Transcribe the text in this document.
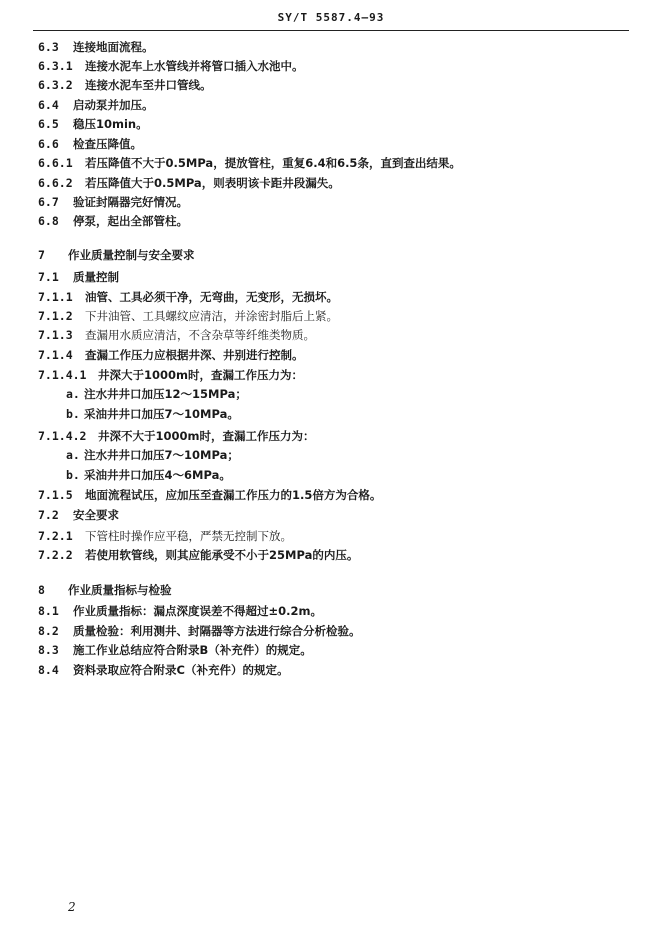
SY/T 5587.4—93
6.3 连接地面流程。
6.3.1 连接水泥车上水管线并将管口插入水池中。
6.3.2 连接水泥车至井口管线。
6.4 启动泵并加压。
6.5 稳压10min。
6.6 检查压降值。
6.6.1 若压降值不大于0.5MPa，提放管柱，重复6.4和6.5条，直到查出结果。
6.6.2 若压降值大于0.5MPa，则表明该卡距井段漏失。
6.7 验证封隔器完好情况。
6.8 停泵，起出全部管柱。
7 作业质量控制与安全要求
7.1 质量控制
7.1.1 油管、工具必须干净，无弯曲，无变形，无损坏。
7.1.2 下井油管、工具螺纹应清洁，并涂密封脂后上紧。
7.1.3 查漏用水质应清洁，不含杂草等纤维类物质。
7.1.4 查漏工作压力应根据井深、井别进行控制。
7.1.4.1 井深大于1000m时，查漏工作压力为：
a. 注水井井口加压12～15MPa；
b. 采油井井口加压7～10MPa。
7.1.4.2 井深不大于1000m时，查漏工作压力为：
a. 注水井井口加压7～10MPa；
b. 采油井井口加压4～6MPa。
7.1.5 地面流程试压，应加压至查漏工作压力的1.5倍方为合格。
7.2 安全要求
7.2.1 下管柱时操作应平稳，严禁无控制下放。
7.2.2 若使用软管线，则其应能承受不小于25MPa的内压。
8 作业质量指标与检验
8.1 作业质量指标：漏点深度误差不得超过±0.2m。
8.2 质量检验：利用测井、封隔器等方法进行综合分析检验。
8.3 施工作业总结应符合附录B（补充件）的规定。
8.4 资料录取应符合附录C（补充件）的规定。
2
